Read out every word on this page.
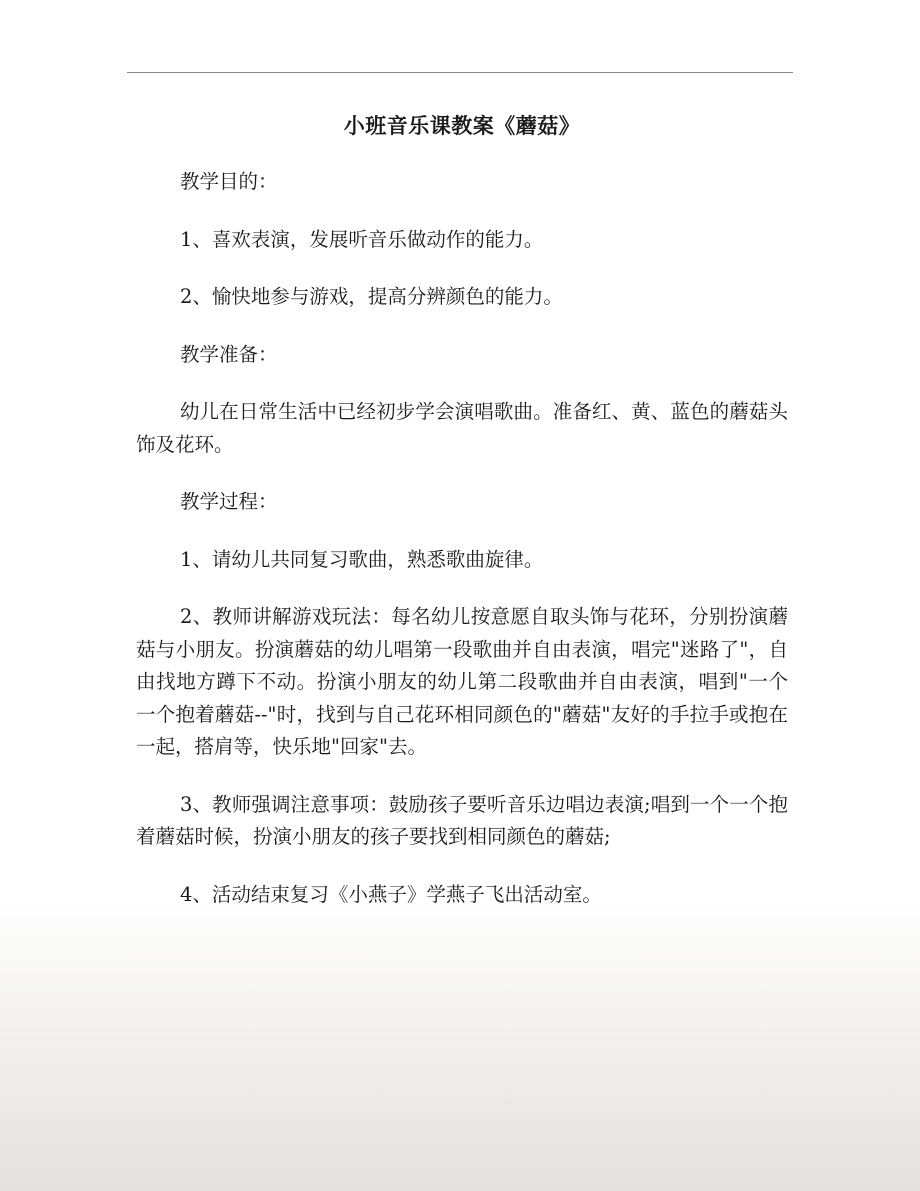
小班音乐课教案《蘑菇》

教学目的：

1、喜欢表演，发展听音乐做动作的能力。

2、愉快地参与游戏，提高分辨颜色的能力。

教学准备：

幼儿在日常生活中已经初步学会演唱歌曲。准备红、黄、蓝色的蘑菇头饰及花环。

教学过程：

1、请幼儿共同复习歌曲，熟悉歌曲旋律。

2、教师讲解游戏玩法：每名幼儿按意愿自取头饰与花环，分别扮演蘑菇与小朋友。扮演蘑菇的幼儿唱第一段歌曲并自由表演，唱完"迷路了"，自由找地方蹲下不动。扮演小朋友的幼儿第二段歌曲并自由表演，唱到"一个一个抱着蘑菇--"时，找到与自己花环相同颜色的"蘑菇"友好的手拉手或抱在一起，搭肩等，快乐地"回家"去。

3、教师强调注意事项：鼓励孩子要听音乐边唱边表演;唱到一个一个抱着蘑菇时候，扮演小朋友的孩子要找到相同颜色的蘑菇;

4、活动结束复习《小燕子》学燕子飞出活动室。
